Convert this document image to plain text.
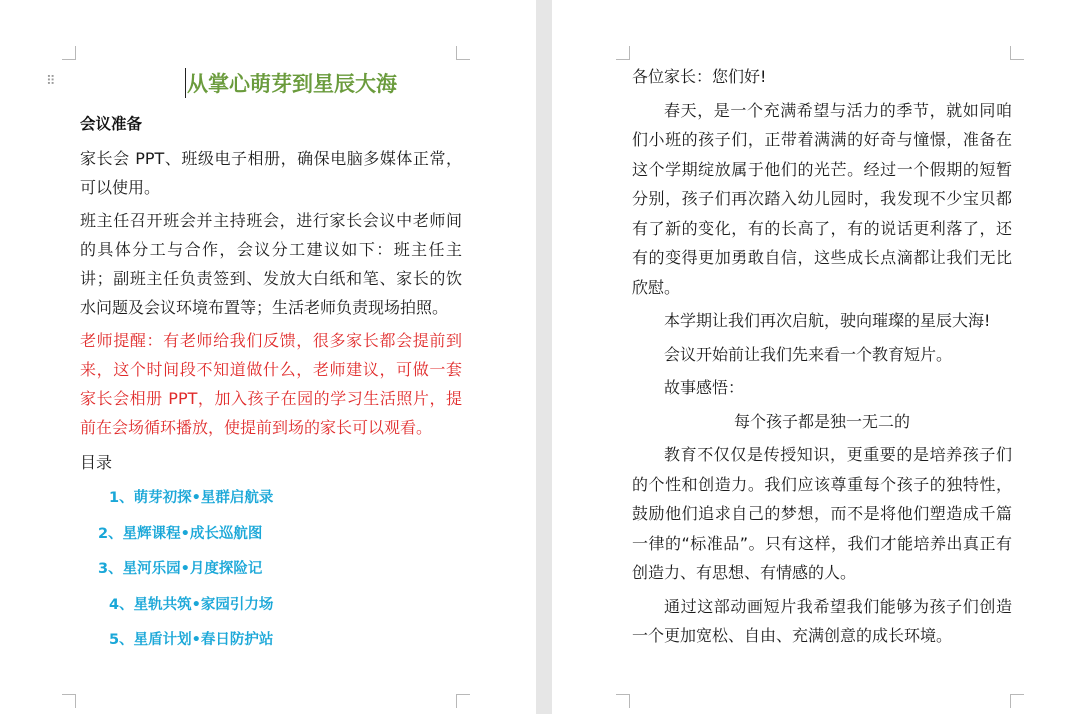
⠿	从掌心萌芽到星辰大海
会议准备

家长会 PPT、班级电子相册，确保电脑多媒体正常，可以使用。

班主任召开班会并主持班会，进行家长会议中老师间的具体分工与合作，会议分工建议如下：班主任主讲；副班主任负责签到、发放大白纸和笔、家长的饮水问题及会议环境布置等；生活老师负责现场拍照。

老师提醒：有老师给我们反馈，很多家长都会提前到来，这个时间段不知道做什么，老师建议，可做一套家长会相册 PPT，加入孩子在园的学习生活照片，提前在会场循环播放，使提前到场的家长可以观看。

目录
1、萌芽初探•星群启航录
2、星辉课程•成长巡航图
3、星河乐园•月度探险记
4、星轨共筑•家园引力场
5、星盾计划•春日防护站

各位家长：您们好!

春天，是一个充满希望与活力的季节，就如同咱们小班的孩子们，正带着满满的好奇与憧憬，准备在这个学期绽放属于他们的光芒。经过一个假期的短暂分别，孩子们再次踏入幼儿园时，我发现不少宝贝都有了新的变化，有的长高了，有的说话更利落了，还有的变得更加勇敢自信，这些成长点滴都让我们无比欣慰。

本学期让我们再次启航，驶向璀璨的星辰大海!

会议开始前让我们先来看一个教育短片。

故事感悟：

每个孩子都是独一无二的

教育不仅仅是传授知识，更重要的是培养孩子们的个性和创造力。我们应该尊重每个孩子的独特性，鼓励他们追求自己的梦想，而不是将他们塑造成千篇一律的“标准品”。只有这样，我们才能培养出真正有创造力、有思想、有情感的人。

通过这部动画短片我希望我们能够为孩子们创造一个更加宽松、自由、充满创意的成长环境。
